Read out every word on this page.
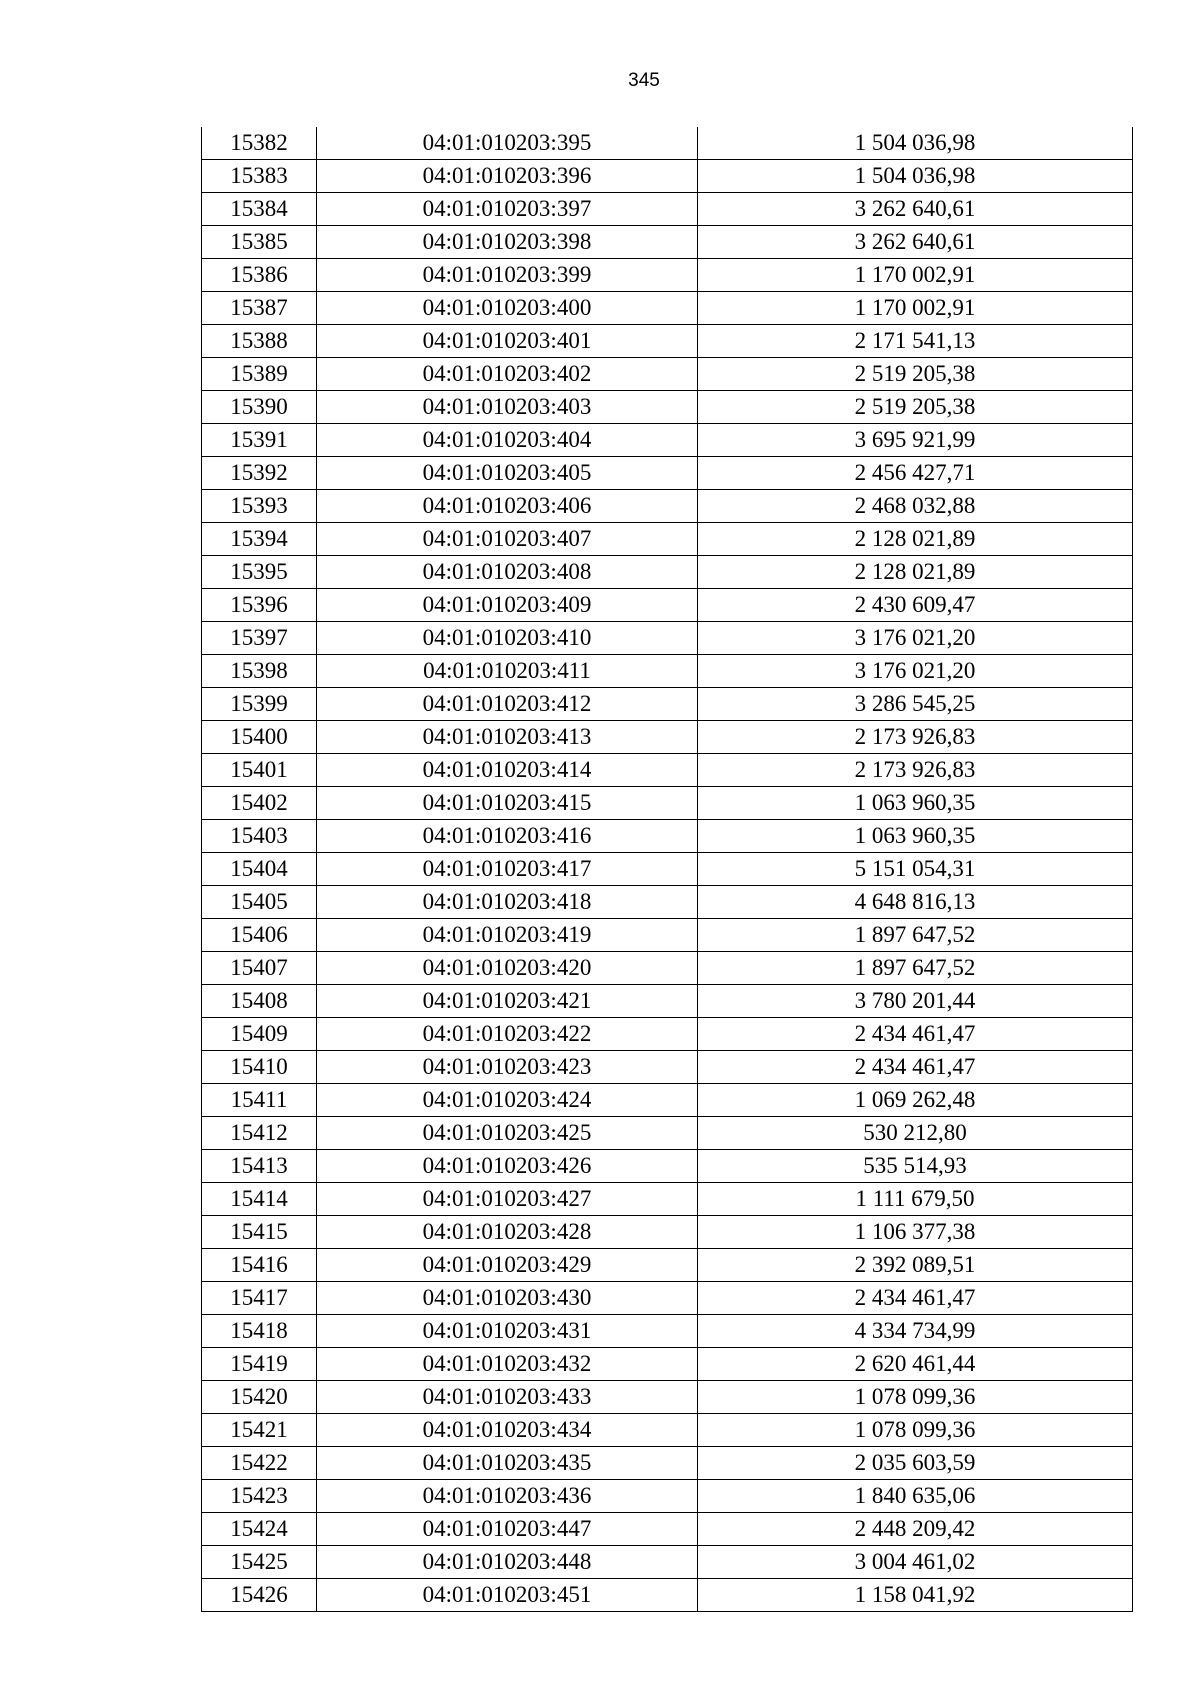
345
15382	04:01:010203:395	1 504 036,98
15383	04:01:010203:396	1 504 036,98
15384	04:01:010203:397	3 262 640,61
15385	04:01:010203:398	3 262 640,61
15386	04:01:010203:399	1 170 002,91
15387	04:01:010203:400	1 170 002,91
15388	04:01:010203:401	2 171 541,13
15389	04:01:010203:402	2 519 205,38
15390	04:01:010203:403	2 519 205,38
15391	04:01:010203:404	3 695 921,99
15392	04:01:010203:405	2 456 427,71
15393	04:01:010203:406	2 468 032,88
15394	04:01:010203:407	2 128 021,89
15395	04:01:010203:408	2 128 021,89
15396	04:01:010203:409	2 430 609,47
15397	04:01:010203:410	3 176 021,20
15398	04:01:010203:411	3 176 021,20
15399	04:01:010203:412	3 286 545,25
15400	04:01:010203:413	2 173 926,83
15401	04:01:010203:414	2 173 926,83
15402	04:01:010203:415	1 063 960,35
15403	04:01:010203:416	1 063 960,35
15404	04:01:010203:417	5 151 054,31
15405	04:01:010203:418	4 648 816,13
15406	04:01:010203:419	1 897 647,52
15407	04:01:010203:420	1 897 647,52
15408	04:01:010203:421	3 780 201,44
15409	04:01:010203:422	2 434 461,47
15410	04:01:010203:423	2 434 461,47
15411	04:01:010203:424	1 069 262,48
15412	04:01:010203:425	530 212,80
15413	04:01:010203:426	535 514,93
15414	04:01:010203:427	1 111 679,50
15415	04:01:010203:428	1 106 377,38
15416	04:01:010203:429	2 392 089,51
15417	04:01:010203:430	2 434 461,47
15418	04:01:010203:431	4 334 734,99
15419	04:01:010203:432	2 620 461,44
15420	04:01:010203:433	1 078 099,36
15421	04:01:010203:434	1 078 099,36
15422	04:01:010203:435	2 035 603,59
15423	04:01:010203:436	1 840 635,06
15424	04:01:010203:447	2 448 209,42
15425	04:01:010203:448	3 004 461,02
15426	04:01:010203:451	1 158 041,92
